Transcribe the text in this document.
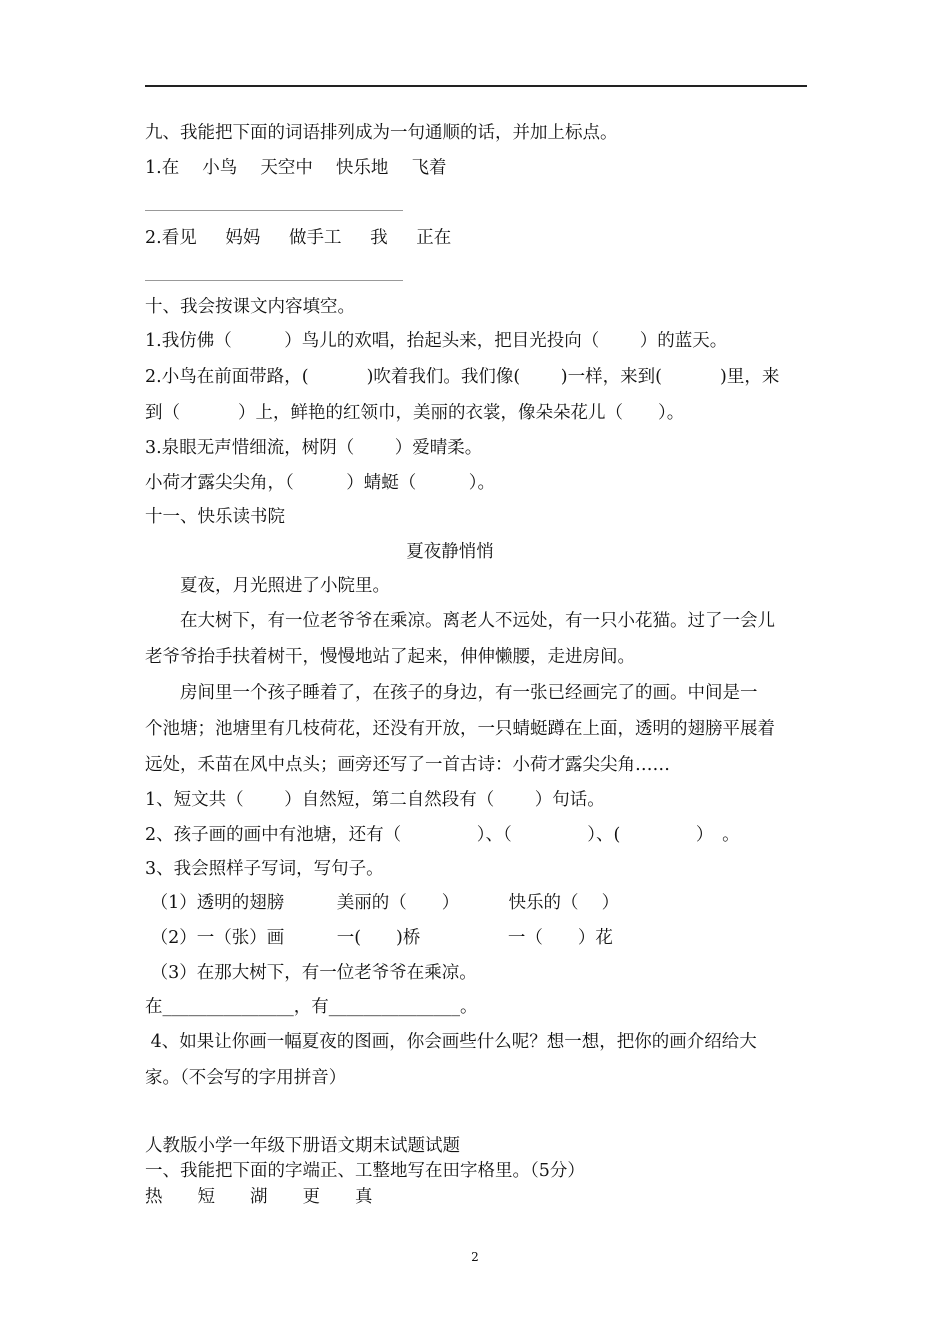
九、我能把下面的词语排列成为一句通顺的话，并加上标点。
1.在　 小鸟　 天空中　 快乐地　 飞着
2.看见　  妈妈　  做手工　  我　  正在
十、我会按课文内容填空。
1.我仿佛（　　　）鸟儿的欢唱，抬起头来，把目光投向（　　 ）的蓝天。
2.小鸟在前面带路，(　　　 )吹着我们。我们像(　　 )一样，来到(　　　 )里，来
到（　　　 ）上，鲜艳的红领巾，美丽的衣裳，像朵朵花儿（　　）。
3.泉眼无声惜细流，树阴（　　 ）爱晴柔。
小荷才露尖尖角，（　　　）蜻蜓（　　　）。
十一、快乐读书院
夏夜静悄悄
　　夏夜，月光照进了小院里。
　　在大树下，有一位老爷爷在乘凉。离老人不远处，有一只小花猫。过了一会儿
老爷爷抬手扶着树干，慢慢地站了起来，伸伸懒腰，走进房间。
　　房间里一个孩子睡着了，在孩子的身边，有一张已经画完了的画。中间是一
个池塘；池塘里有几枝荷花，还没有开放，一只蜻蜓蹲在上面，透明的翅膀平展着
远处，禾苗在风中点头；画旁还写了一首古诗：小荷才露尖尖角……
1、短文共（　　 ）自然短，第二自然段有（　　 ）句话。
2、孩子画的画中有池塘，还有（　　　　 ）、（　　　　 ）、(　　　　 ）　。
3、我会照样子写词，写句子。
（1）透明的翅膀　　　美丽的（　　）　　　 快乐的（　 ）
（2）一（张）画　　　一(　　)桥　　　　　一（　　）花
（3）在那大树下，有一位老爷爷在乘凉。
在_______________，有_______________。
4、如果让你画一幅夏夜的图画，你会画些什么呢？想一想，把你的画介绍给大
家。（不会写的字用拼音）
人教版小学一年级下册语文期末试题试题
一、我能把下面的字端正、工整地写在田字格里。（5分）
热　　短　　湖　　更　　真
2
